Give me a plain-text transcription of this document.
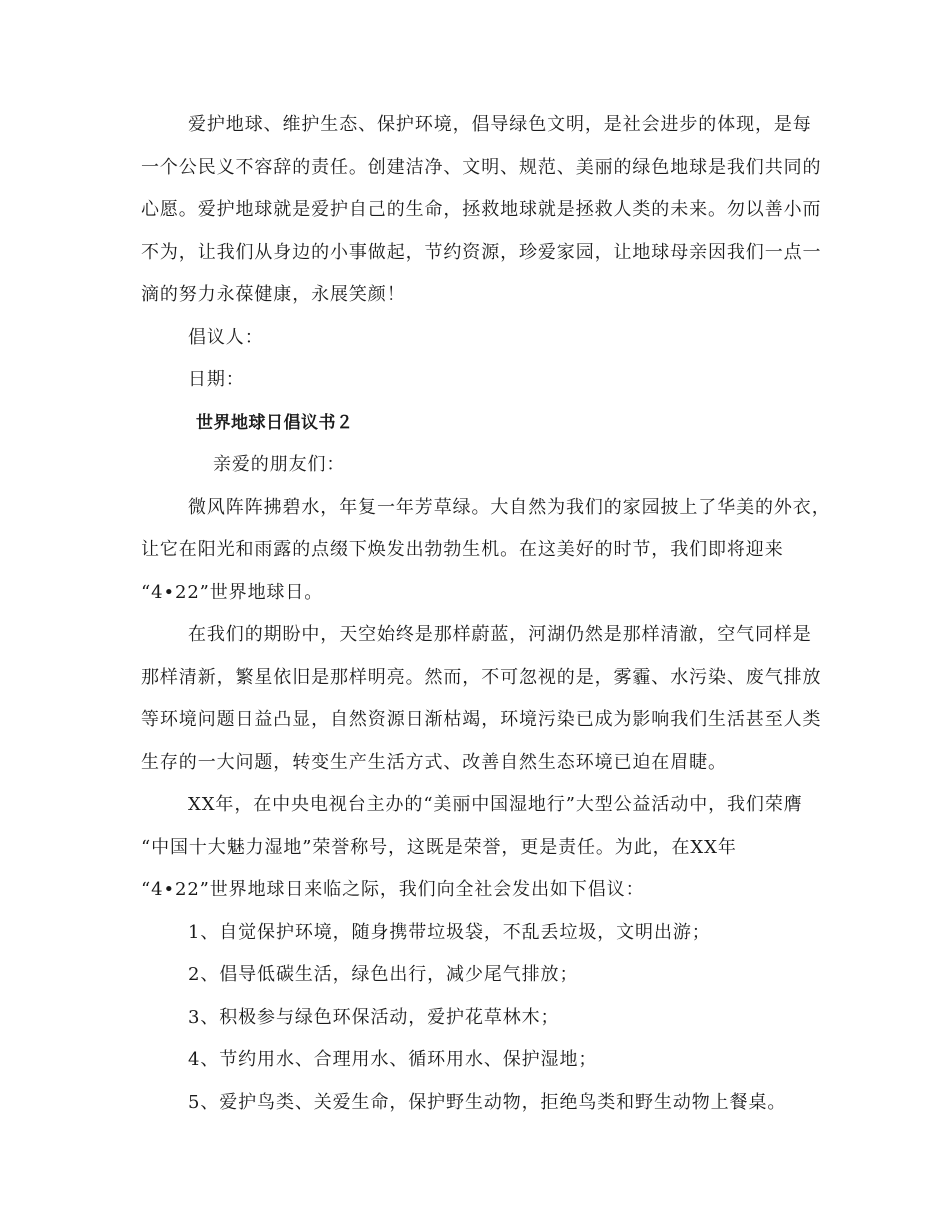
爱护地球、维护生态、保护环境，倡导绿色文明，是社会进步的体现，是每
一个公民义不容辞的责任。创建洁净、文明、规范、美丽的绿色地球是我们共同的
心愿。爱护地球就是爱护自己的生命，拯救地球就是拯救人类的未来。勿以善小而
不为，让我们从身边的小事做起，节约资源，珍爱家园，让地球母亲因我们一点一
滴的努力永葆健康，永展笑颜！
倡议人：
日期：
世界地球日倡议书２
亲爱的朋友们：
微风阵阵拂碧水，年复一年芳草绿。大自然为我们的家园披上了华美的外衣，
让它在阳光和雨露的点缀下焕发出勃勃生机。在这美好的时节，我们即将迎来
“4•22”世界地球日。
在我们的期盼中，天空始终是那样蔚蓝，河湖仍然是那样清澈，空气同样是
那样清新，繁星依旧是那样明亮。然而，不可忽视的是，雾霾、水污染、废气排放
等环境问题日益凸显，自然资源日渐枯竭，环境污染已成为影响我们生活甚至人类
生存的一大问题，转变生产生活方式、改善自然生态环境已迫在眉睫。
XX年，在中央电视台主办的“美丽中国湿地行”大型公益活动中，我们荣膺
“中国十大魅力湿地”荣誉称号，这既是荣誉，更是责任。为此，在XX年
“4•22”世界地球日来临之际，我们向全社会发出如下倡议：
1、自觉保护环境，随身携带垃圾袋，不乱丢垃圾，文明出游；
2、倡导低碳生活，绿色出行，减少尾气排放；
3、积极参与绿色环保活动，爱护花草林木；
4、节约用水、合理用水、循环用水、保护湿地；
5、爱护鸟类、关爱生命，保护野生动物，拒绝鸟类和野生动物上餐桌。
